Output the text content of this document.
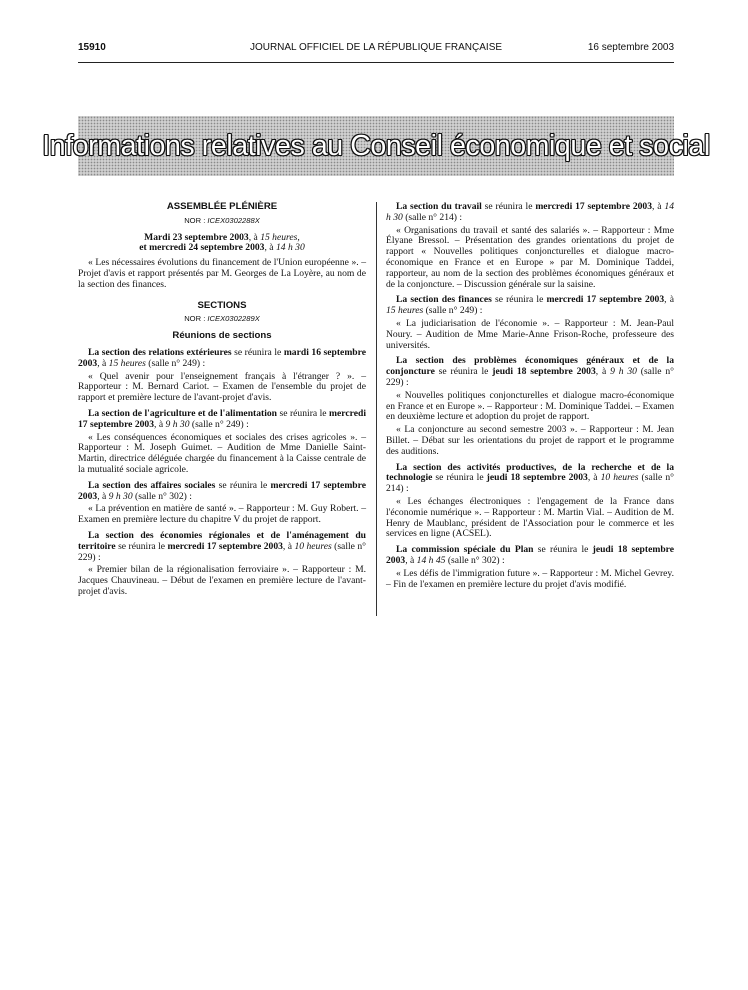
15910	JOURNAL OFFICIEL DE LA RÉPUBLIQUE FRANÇAISE	16 septembre 2003
Informations relatives au Conseil économique et social

ASSEMBLÉE PLÉNIÈRE

NOR : ICEX0302288X

Mardi 23 septembre 2003, à 15 heures,

et mercredi 24 septembre 2003, à 14 h 30

« Les nécessaires évolutions du financement de l'Union européenne ». – Projet d'avis et rapport présentés par M. Georges de La Loyère, au nom de la section des finances.

SECTIONS

NOR : ICEX0302289X

Réunions de sections

La section des relations extérieures se réunira le mardi 16 septembre 2003, à 15 heures (salle n° 249) :

« Quel avenir pour l'enseignement français à l'étranger ? ». – Rapporteur : M. Bernard Cariot. – Examen de l'ensemble du projet de rapport et première lecture de l'avant-projet d'avis.

La section de l'agriculture et de l'alimentation se réunira le mercredi 17 septembre 2003, à 9 h 30 (salle n° 249) :

« Les conséquences économiques et sociales des crises agricoles ». – Rapporteur : M. Joseph Guimet. – Audition de Mme Danielle Saint-Martin, directrice déléguée chargée du financement à la Caisse centrale de la mutualité sociale agricole.

La section des affaires sociales se réunira le mercredi 17 septembre 2003, à 9 h 30 (salle n° 302) :

« La prévention en matière de santé ». – Rapporteur : M. Guy Robert. – Examen en première lecture du chapitre V du projet de rapport.

La section des économies régionales et de l'aménagement du territoire se réunira le mercredi 17 septembre 2003, à 10 heures (salle n° 229) :

« Premier bilan de la régionalisation ferroviaire ». – Rapporteur : M. Jacques Chauvineau. – Début de l'examen en première lecture de l'avant-projet d'avis.

La section du travail se réunira le mercredi 17 septembre 2003, à 14 h 30 (salle n° 214) :

« Organisations du travail et santé des salariés ». – Rapporteur : Mme Élyane Bressol. – Présentation des grandes orientations du projet de rapport « Nouvelles politiques conjoncturelles et dialogue macro-économique en France et en Europe » par M. Dominique Taddei, rapporteur, au nom de la section des problèmes économiques généraux et de la conjoncture. – Discussion générale sur la saisine.

La section des finances se réunira le mercredi 17 septembre 2003, à 15 heures (salle n° 249) :

« La judiciarisation de l'économie ». – Rapporteur : M. Jean-Paul Noury. – Audition de Mme Marie-Anne Frison-Roche, professeure des universités.

La section des problèmes économiques généraux et de la conjoncture se réunira le jeudi 18 septembre 2003, à 9 h 30 (salle n° 229) :

« Nouvelles politiques conjoncturelles et dialogue macro-économique en France et en Europe ». – Rapporteur : M. Dominique Taddei. – Examen en deuxième lecture et adoption du projet de rapport.

« La conjoncture au second semestre 2003 ». – Rapporteur : M. Jean Billet. – Débat sur les orientations du projet de rapport et le programme des auditions.

La section des activités productives, de la recherche et de la technologie se réunira le jeudi 18 septembre 2003, à 10 heures (salle n° 214) :

« Les échanges électroniques : l'engagement de la France dans l'économie numérique ». – Rapporteur : M. Martin Vial. – Audition de M. Henry de Maublanc, président de l'Association pour le commerce et les services en ligne (ACSEL).

La commission spéciale du Plan se réunira le jeudi 18 septembre 2003, à 14 h 45 (salle n° 302) :

« Les défis de l'immigration future ». – Rapporteur : M. Michel Gevrey. – Fin de l'examen en première lecture du projet d'avis modifié.
